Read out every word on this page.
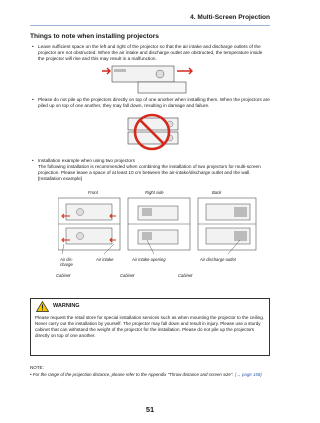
4. Multi-Screen Projection
Things to note when installing projectors
• Leave sufficient space on the left and right of the projector so that the air intake and discharge outlets of the projector are not obstructed. When the air intake and discharge outlet are obstructed, the temperature inside the projector will rise and this may result in a malfunction.
• Please do not pile up the projectors directly on top of one another when installing them. When the projectors are piled up on top of one another, they may fall down, resulting in damage and failure.
• Installation example when using two projectors
The following installation is recommended when combining the installation of two projectors for multi-screen projection. Please leave a space of at least 10 cm between the air-intake/discharge outlet and the wall.
[Installation example]
Front	Right side	Back
Air dis-
charge
Air intake	Air intake opening	Air discharge outlet
Cabinet	Cabinet	Cabinet
WARNING
Please request the retail store for special installation services such as when mounting the projector to the ceiling. Never carry out the installation by yourself. The projector may fall down and result in injury. Please use a sturdy cabinet that can withstand the weight of the projector for the installation. Please do not pile up the projectors directly on top of one another.
NOTE:
• For the range of the projection distance, please refer to the Appendix "Throw distance and screen size". (→ page 158)
51
